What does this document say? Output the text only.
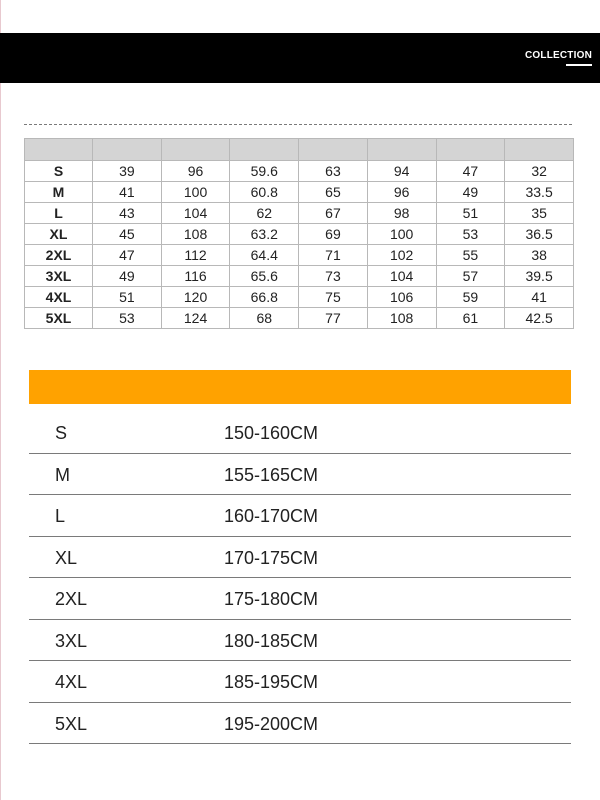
COLLECTION

S	39	96	59.6	63	94	47	32
M	41	100	60.8	65	96	49	33.5
L	43	104	62	67	98	51	35
XL	45	108	63.2	69	100	53	36.5
2XL	47	112	64.4	71	102	55	38
3XL	49	116	65.6	73	104	57	39.5
4XL	51	120	66.8	75	106	59	41
5XL	53	124	68	77	108	61	42.5
S	150-160CM
M	155-165CM
L	160-170CM
XL	170-175CM
2XL	175-180CM
3XL	180-185CM
4XL	185-195CM
5XL	195-200CM
